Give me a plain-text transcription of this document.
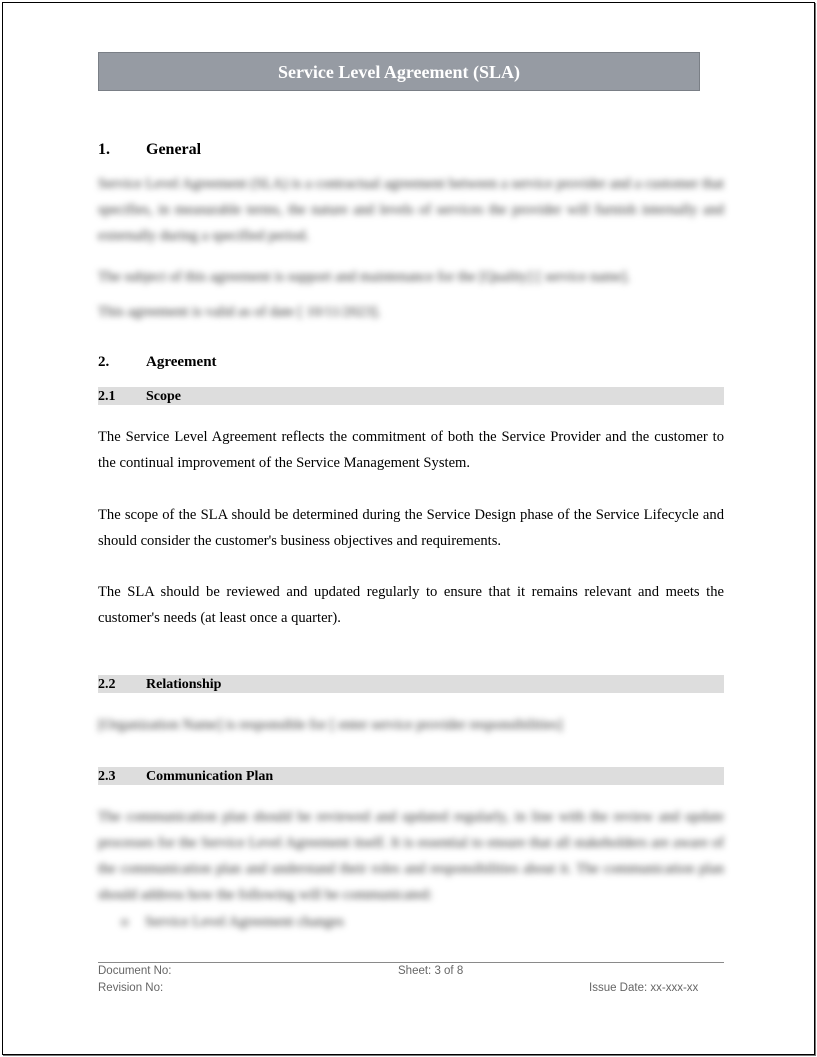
Service Level Agreement (SLA)
1. General
Service Level Agreement (SLA) is a contractual agreement between a service provider and a customer that specifies, in measurable terms, the nature and levels of services the provider will furnish internally and externally during a specified period.
The subject of this agreement is support and maintenance for the [Quality] [ service name].
This agreement is valid as of date [ 10/11/2023].
2. Agreement
2.1 Scope
The Service Level Agreement reflects the commitment of both the Service Provider and the customer to the continual improvement of the Service Management System.
The scope of the SLA should be determined during the Service Design phase of the Service Lifecycle and should consider the customer's business objectives and requirements.
The SLA should be reviewed and updated regularly to ensure that it remains relevant and meets the customer's needs (at least once a quarter).
2.2 Relationship
[Organization Name] is responsible for [ enter service provider responsibilities]
2.3 Communication Plan
The communication plan should be reviewed and updated regularly, in line with the review and update processes for the Service Level Agreement itself. It is essential to ensure that all stakeholders are aware of the communication plan and understand their roles and responsibilities about it. The communication plan should address how the following will be communicated:
o Service Level Agreement changes
Document No:	Sheet: 3 of 8
Revision No:	Issue Date: xx-xxx-xx
